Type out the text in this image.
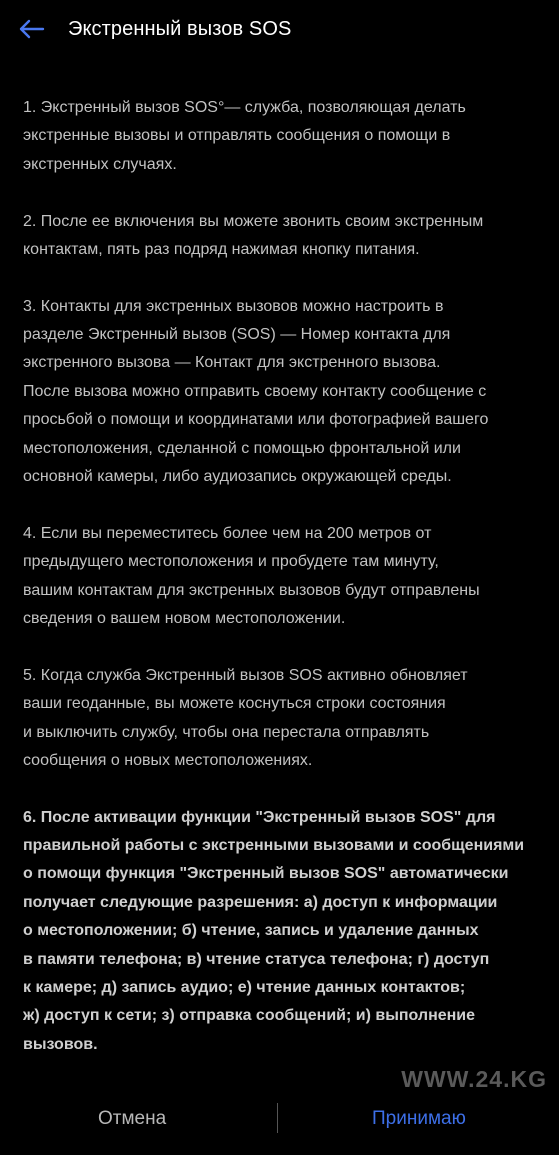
Экстренный вызов SOS

1. Экстренный вызов SOS°— служба, позволяющая делать
экстренные вызовы и отправлять сообщения о помощи в
экстренных случаях.

2. После ее включения вы можете звонить своим экстренным
контактам, пять раз подряд нажимая кнопку питания.

3. Контакты для экстренных вызовов можно настроить в
разделе Экстренный вызов (SOS) — Номер контакта для
экстренного вызова — Контакт для экстренного вызова.
После вызова можно отправить своему контакту сообщение с
просьбой о помощи и координатами или фотографией вашего
местоположения, сделанной с помощью фронтальной или
основной камеры, либо аудиозапись окружающей среды.

4. Если вы переместитесь более чем на 200 метров от
предыдущего местоположения и пробудете там минуту,
вашим контактам для экстренных вызовов будут отправлены
сведения о вашем новом местоположении.

5. Когда служба Экстренный вызов SOS активно обновляет
ваши геоданные, вы можете коснуться строки состояния
и выключить службу, чтобы она перестала отправлять
сообщения о новых местоположениях.

6. После активации функции "Экстренный вызов SOS" для
правильной работы с экстренными вызовами и сообщениями
о помощи функция "Экстренный вызов SOS" автоматически
получает следующие разрешения: а) доступ к информации
о местоположении; б) чтение, запись и удаление данных
в памяти телефона; в) чтение статуса телефона; г) доступ
к камере; д) запись аудио; е) чтение данных контактов;
ж) доступ к сети; з) отправка сообщений; и) выполнение
вызовов.

WWW.24.KG
Отмена	Принимаю
